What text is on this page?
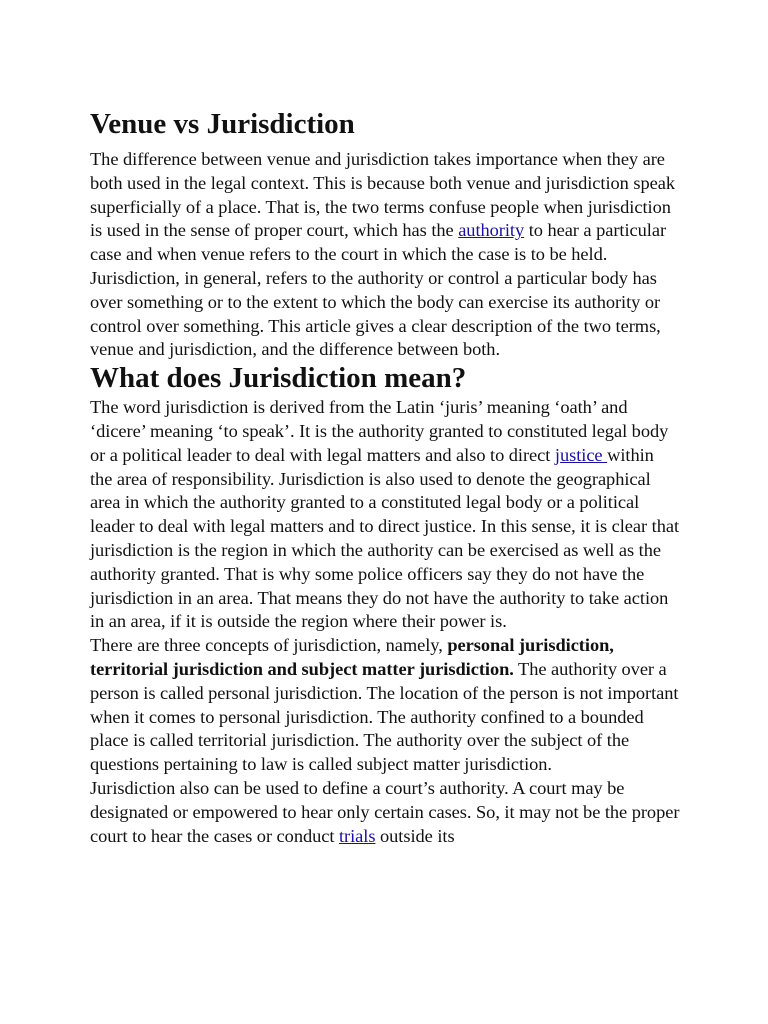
Venue vs Jurisdiction

The difference between venue and jurisdiction takes importance when they are both used in the legal context. This is because both venue and jurisdiction speak superficially of a place. That is, the two terms confuse people when jurisdiction is used in the sense of proper court, which has the authority to hear a particular case and when venue refers to the court in which the case is to be held. Jurisdiction, in general, refers to the authority or control a particular body has over something or to the extent to which the body can exercise its authority or control over something. This article gives a clear description of the two terms, venue and jurisdiction, and the difference between both.

What does Jurisdiction mean?

The word jurisdiction is derived from the Latin ‘juris’ meaning ‘oath’ and ‘dicere’ meaning ‘to speak’. It is the authority granted to constituted legal body or a political leader to deal with legal matters and also to direct justice within the area of responsibility. Jurisdiction is also used to denote the geographical area in which the authority granted to a constituted legal body or a political leader to deal with legal matters and to direct justice. In this sense, it is clear that jurisdiction is the region in which the authority can be exercised as well as the authority granted. That is why some police officers say they do not have the jurisdiction in an area. That means they do not have the authority to take action in an area, if it is outside the region where their power is.

There are three concepts of jurisdiction, namely, personal jurisdiction, territorial jurisdiction and subject matter jurisdiction. The authority over a person is called personal jurisdiction. The location of the person is not important when it comes to personal jurisdiction. The authority confined to a bounded place is called territorial jurisdiction. The authority over the subject of the questions pertaining to law is called subject matter jurisdiction.

Jurisdiction also can be used to define a court’s authority. A court may be designated or empowered to hear only certain cases. So, it may not be the proper court to hear the cases or conduct trials outside its
